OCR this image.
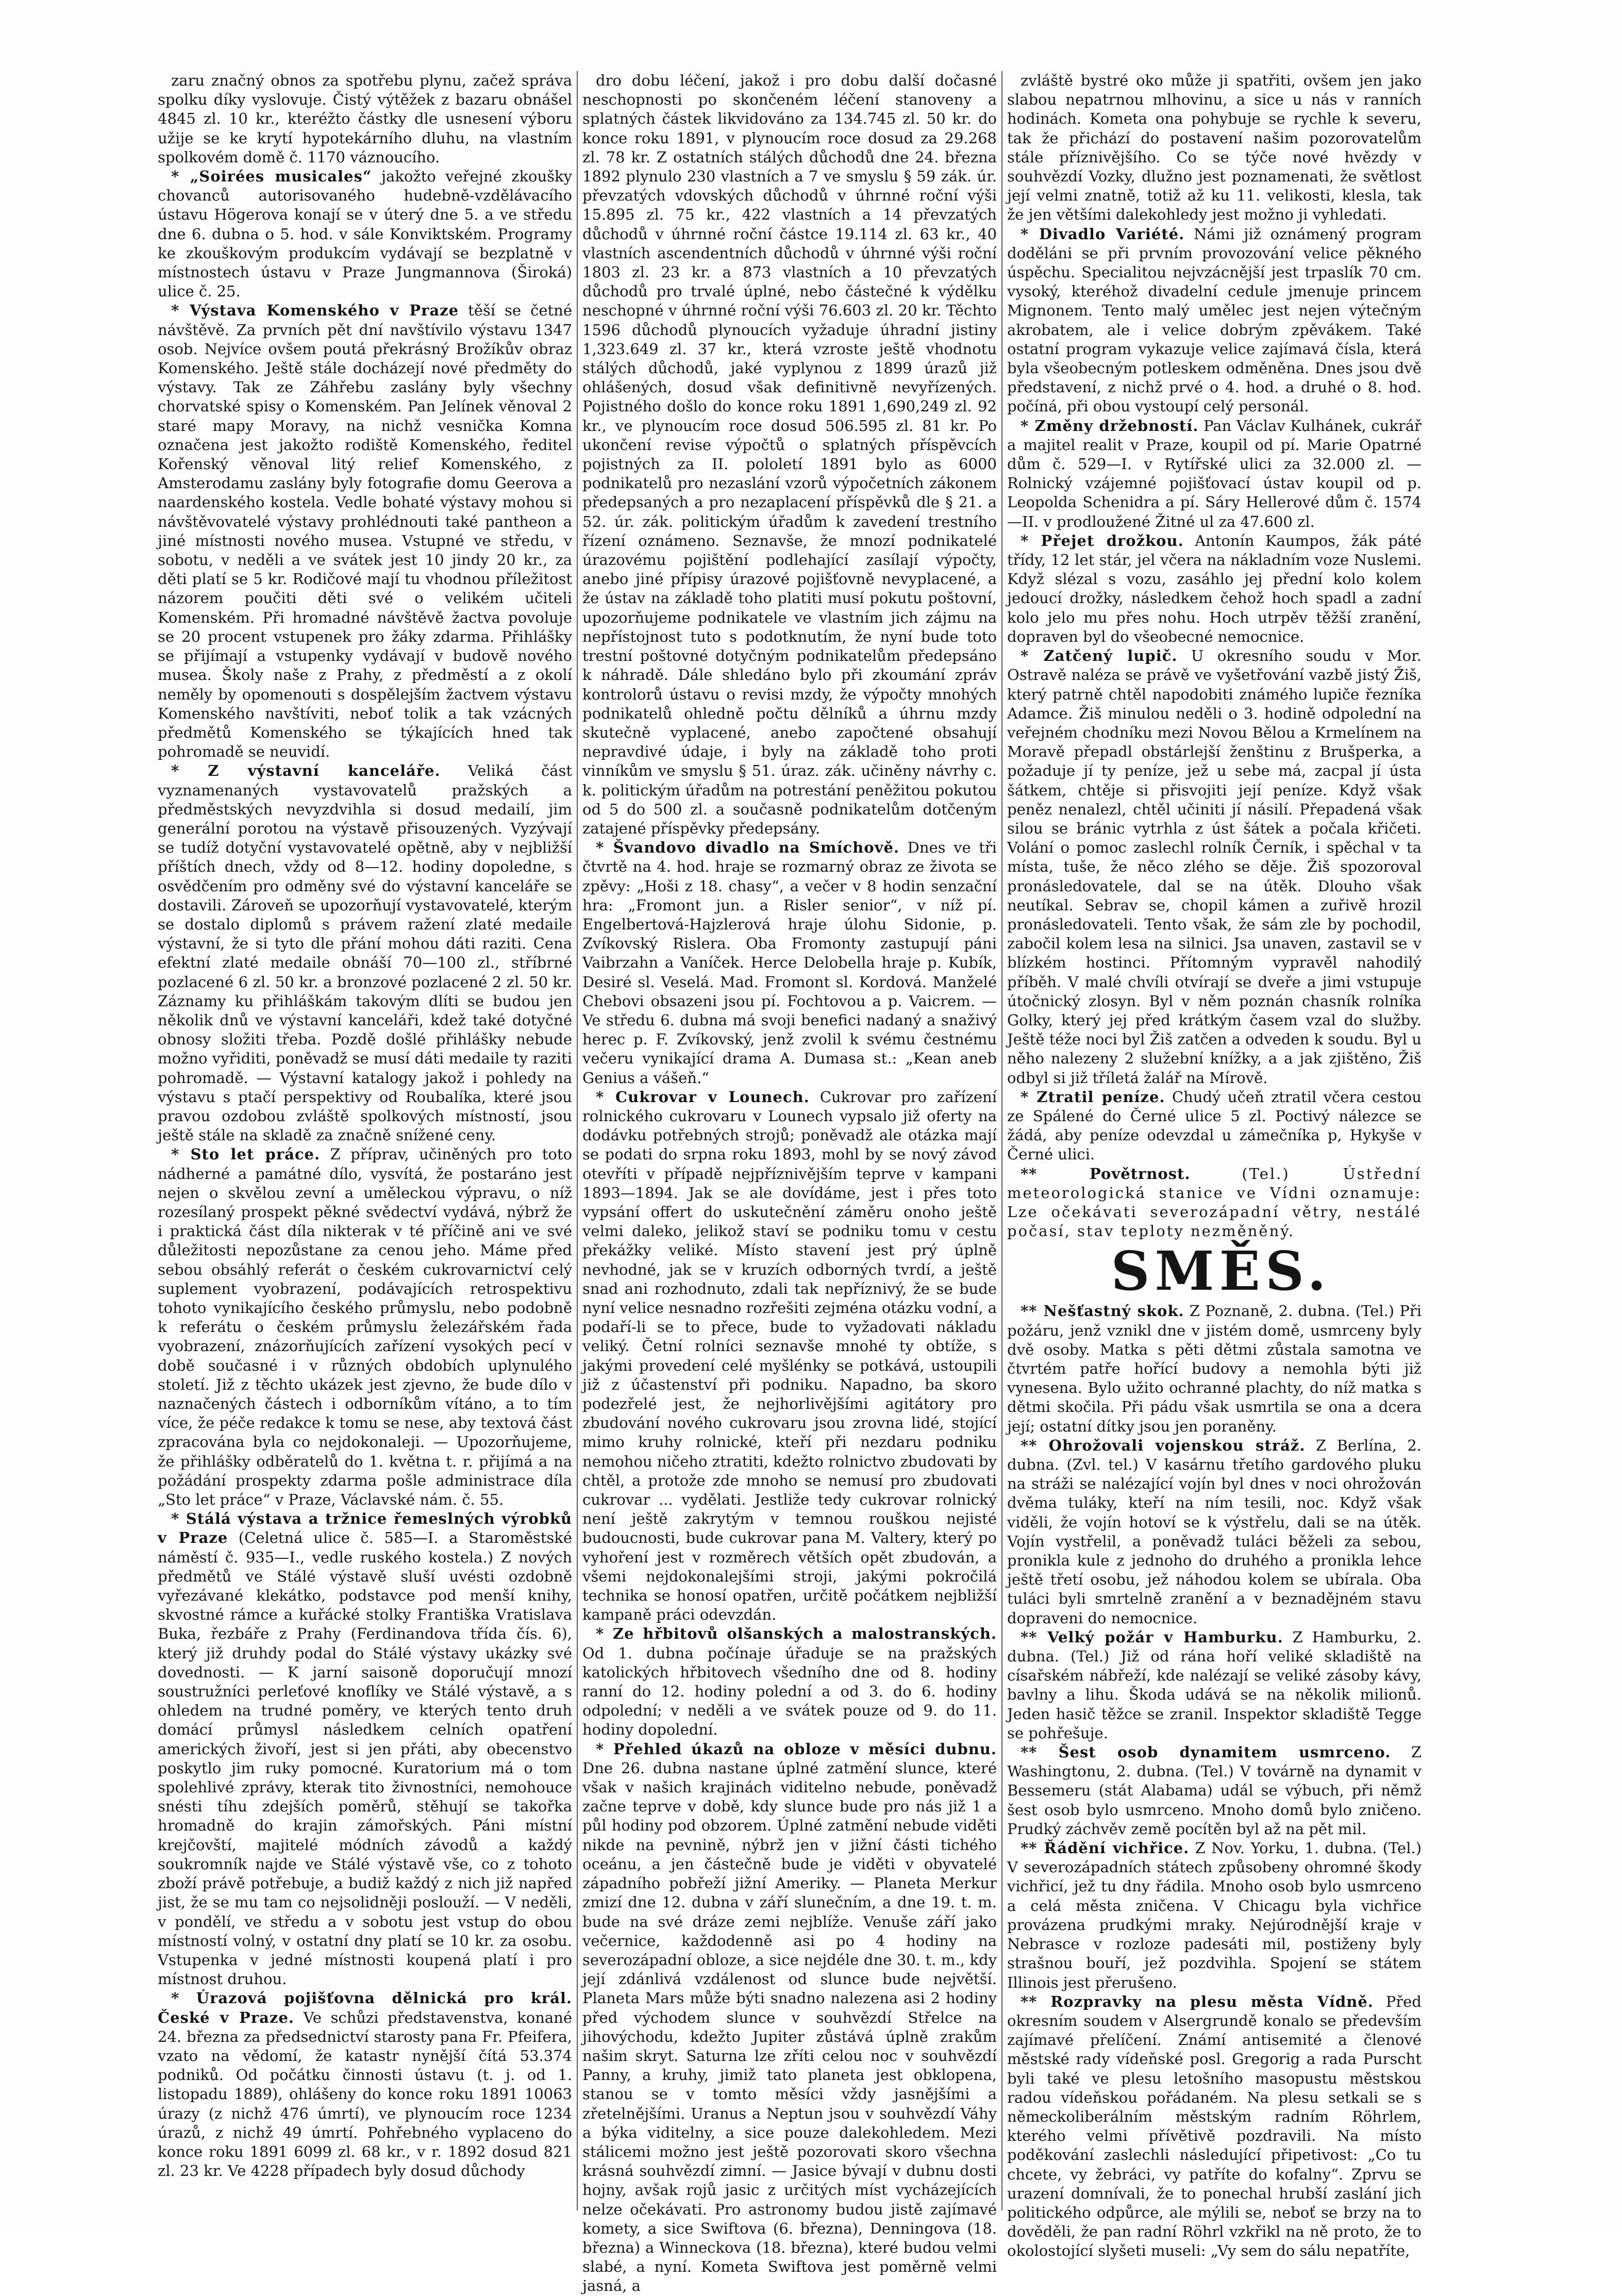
zaru značný obnos za spotřebu plynu, začež správa spolku díky vyslovuje. Čistý výtěžek z bazaru obnášel 4845 zl. 10 kr., kteréžto částky dle usnesení výboru užije se ke krytí hypotekárního dluhu, na vlastním spolkovém domě č. 1170 váznoucího.

* „Soirées musicales“ jakožto veřejné zkoušky chovanců autorisovaného hudebně-vzdělávacího ústavu Högerova konají se v úterý dne 5. a ve středu dne 6. dubna o 5. hod. v sále Konviktském. Programy ke zkouškovým produkcím vydávají se bezplatně v místnostech ústavu v Praze Jungmannova (Široká) ulice č. 25.

* Výstava Komenského v Praze těší se četné návštěvě. Za prvních pět dní navštívilo výstavu 1347 osob. Nejvíce ovšem poutá překrásný Brožíkův obraz Komenského. Ještě stále docházejí nové předměty do výstavy. Tak ze Záhřebu zaslány byly všechny chorvatské spisy o Komenském. Pan Jelínek věnoval 2 staré mapy Moravy, na nichž vesnička Komna označena jest jakožto rodiště Komenského, ředitel Kořenský věnoval litý relief Komenského, z Amsterodamu zaslány byly fotografie domu Geerova a naardenského kostela. Vedle bohaté výstavy mohou si návštěvovatelé výstavy prohlédnouti také pantheon a jiné místnosti nového musea. Vstupné ve středu, v sobotu, v neděli a ve svátek jest 10 jindy 20 kr., za děti platí se 5 kr. Rodičové mají tu vhodnou příležitost názorem poučiti děti své o velikém učiteli Komenském. Při hromadné návštěvě žactva povoluje se 20 procent vstupenek pro žáky zdarma. Přihlášky se přijímají a vstupenky vydávají v budově nového musea. Školy naše z Prahy, z předměstí a z okolí neměly by opomenouti s dospělejším žactvem výstavu Komenského navštíviti, neboť tolik a tak vzácných předmětů Komenského se týkajících hned tak pohromadě se neuvidí.

* Z výstavní kanceláře. Veliká část vyznamenaných vystavovatelů pražských a předměstských nevyzdvihla si dosud medailí, jim generální porotou na výstavě přisouzených. Vyzývají se tudíž dotyční vystavovatelé opětně, aby v nejbližší příštích dnech, vždy od 8—12. hodiny dopoledne, s osvědčením pro odměny své do výstavní kanceláře se dostavili. Zároveň se upozorňují vystavovatelé, kterým se dostalo diplomů s právem ražení zlaté medaile výstavní, že si tyto dle přání mohou dáti raziti. Cena efektní zlaté medaile obnáší 70—100 zl., stříbrné pozlacené 6 zl. 50 kr. a bronzové pozlacené 2 zl. 50 kr. Záznamy ku přihláškám takovým dlíti se budou jen několik dnů ve výstavní kanceláři, kdež také dotyčné obnosy složiti třeba. Pozdě došlé přihlášky nebude možno vyřiditi, poněvadž se musí dáti medaile ty raziti pohromadě. — Výstavní katalogy jakož i pohledy na výstavu s ptačí perspektivy od Roubalíka, které jsou pravou ozdobou zvláště spolkových místností, jsou ještě stále na skladě za značně snížené ceny.

* Sto let práce. Z příprav, učiněných pro toto nádherné a památné dílo, vysvítá, že postaráno jest nejen o skvělou zevní a uměleckou výpravu, o níž rozesílaný prospekt pěkné svědectví vydává, nýbrž že i praktická část díla nikterak v té příčině ani ve své důležitosti nepozůstane za cenou jeho. Máme před sebou obsáhlý referát o českém cukrovarnictví celý suplement vyobrazení, podávajících retrospektivu tohoto vynikajícího českého průmyslu, nebo podobně k referátu o českém průmyslu železářském řada vyobrazení, znázorňujících zařízení vysokých pecí v době současné i v různých obdobích uplynulého století. Již z těchto ukázek jest zjevno, že bude dílo v naznačených částech i odborníkům vítáno, a to tím více, že péče redakce k tomu se nese, aby textová část zpracována byla co nejdokonaleji. — Upozorňujeme, že přihlášky odběratelů do 1. května t. r. přijímá a na požádání prospekty zdarma pošle administrace díla „Sto let práce“ v Praze, Václavské nám. č. 55.

* Stálá výstava a tržnice řemeslných výrobků v Praze (Celetná ulice č. 585—I. a Staroměstské náměstí č. 935—I., vedle ruského kostela.) Z nových předmětů ve Stálé výstavě sluší uvésti ozdobně vyřezávané klekátko, podstavce pod menší knihy, skvostné rámce a kuřácké stolky Františka Vratislava Buka, řezbáře z Prahy (Ferdinandova třída čís. 6), který již druhdy podal do Stálé výstavy ukázky své dovednosti. — K jarní saisoně doporučují mnozí soustružníci perleťové knoflíky ve Stálé výstavě, a s ohledem na trudné poměry, ve kterých tento druh domácí průmysl následkem celních opatření amerických živoří, jest si jen přáti, aby obecenstvo poskytlo jim ruky pomocné. Kuratorium má o tom spolehlivé zprávy, kterak tito živnostníci, nemohouce snésti tíhu zdejších poměrů, stěhují se takořka hromadně do krajin zámořských. Páni místní krejčovští, majitelé módních závodů a každý soukromník najde ve Stálé výstavě vše, co z tohoto zboží právě potřebuje, a budiž každý z nich již napřed jist, že se mu tam co nejsolidněji poslouží. — V neděli, v pondělí, ve středu a v sobotu jest vstup do obou místností volný, v ostatní dny platí se 10 kr. za osobu. Vstupenka v jedné místnosti koupená platí i pro místnost druhou.

* Úrazová pojišťovna dělnická pro král. České v Praze. Ve schůzi představenstva, konané 24. března za předsednictví starosty pana Fr. Pfeifera, vzato na vědomí, že katastr nynější čítá 53.374 podniků. Od počátku činnosti ústavu (t. j. od 1. listopadu 1889), ohlášeny do konce roku 1891 10063 úrazy (z nichž 476 úmrtí), ve plynoucím roce 1234 úrazů, z nichž 49 úmrtí. Pohřebného vyplaceno do konce roku 1891 6099 zl. 68 kr., v r. 1892 dosud 821 zl. 23 kr. Ve 4228 případech byly dosud důchody

dro dobu léčení, jakož i pro dobu další dočasné neschopnosti po skončeném léčení stanoveny a splatných částek likvidováno za 134.745 zl. 50 kr. do konce roku 1891, v plynoucím roce dosud za 29.268 zl. 78 kr. Z ostatních stálých důchodů dne 24. března 1892 plynulo 230 vlastních a 7 ve smyslu § 59 zák. úr. převzatých vdovských důchodů v úhrnné roční výši 15.895 zl. 75 kr., 422 vlastních a 14 převzatých důchodů v úhrnné roční částce 19.114 zl. 63 kr., 40 vlastních ascendentních důchodů v úhrnné výši roční 1803 zl. 23 kr. a 873 vlastních a 10 převzatých důchodů pro trvalé úplné, nebo částečné k výdělku neschopné v úhrnné roční výši 76.603 zl. 20 kr. Těchto 1596 důchodů plynoucích vyžaduje úhradní jistiny 1,323.649 zl. 37 kr., která vzroste ještě vhodnotu stálých důchodů, jaké vyplynou z 1899 úrazů již ohlášených, dosud však definitivně nevyřízených. Pojistného došlo do konce roku 1891 1,690,249 zl. 92 kr., ve plynoucím roce dosud 506.595 zl. 81 kr. Po ukončení revise výpočtů o splatných příspěvcích pojistných za II. pololetí 1891 bylo as 6000 podnikatelů pro nezaslání vzorů výpočetních zákonem předepsaných a pro nezaplacení příspěvků dle § 21. a 52. úr. zák. politickým úřadům k zavedení trestního řízení oznámeno. Seznavše, že mnozí podnikatelé úrazovému pojištění podlehající zasílají výpočty, anebo jiné přípisy úrazové pojišťovně nevyplacené, a že ústav na základě toho platiti musí pokutu poštovní, upozorňujeme podnikatele ve vlastním jich zájmu na nepřístojnost tuto s podotknutím, že nyní bude toto trestní poštovné dotyčným podnikatelům předepsáno k náhradě. Dále shledáno bylo při zkoumání zpráv kontrolorů ústavu o revisi mzdy, že výpočty mnohých podnikatelů ohledně počtu dělníků a úhrnu mzdy skutečně vyplacené, anebo započtené obsahují nepravdivé údaje, i byly na základě toho proti vinníkům ve smyslu § 51. úraz. zák. učiněny návrhy c. k. politickým úřadům na potrestání peněžitou pokutou od 5 do 500 zl. a současně podnikatelům dotčeným zatajené příspěvky předepsány.

* Švandovo divadlo na Smíchově. Dnes ve tři čtvrtě na 4. hod. hraje se rozmarný obraz ze života se zpěvy: „Hoši z 18. chasy“, a večer v 8 hodin senzační hra: „Fromont jun. a Risler senior“, v níž pí. Engelbertová-Hajzlerová hraje úlohu Sidonie, p. Zvíkovský Rislera. Oba Fromonty zastupují páni Vaibrzahn a Vaníček. Herce Delobella hraje p. Kubík, Desiré sl. Veselá. Mad. Fromont sl. Kordová. Manželé Chebovi obsazeni jsou pí. Fochtovou a p. Vaicrem. — Ve středu 6. dubna má svoji benefici nadaný a snaživý herec p. F. Zvíkovský, jenž zvolil k svému čestnému večeru vynikající drama A. Dumasa st.: „Kean aneb Genius a vášeň.“

* Cukrovar v Lounech. Cukrovar pro zařízení rolnického cukrovaru v Lounech vypsalo již oferty na dodávku potřebných strojů; poněvadž ale otázka mají se podati do srpna roku 1893, mohl by se nový závod otevříti v případě nejpříznivějším teprve v kampani 1893—1894. Jak se ale dovídáme, jest i přes toto vypsání offert do uskutečnění záměru onoho ještě velmi daleko, jelikož staví se podniku tomu v cestu překážky veliké. Místo stavení jest prý úplně nevhodné, jak se v kruzích odborných tvrdí, a ještě snad ani rozhodnuto, zdali tak nepříznivý, že se bude nyní velice nesnadno rozřešiti zejména otázku vodní, a podaří-li se to přece, bude to vyžadovati nákladu veliký. Četní rolníci seznavše mnohé ty obtíže, s jakými provedení celé myšlénky se potkává, ustoupili již z účastenství při podniku. Napadno, ba skoro podezřelé jest, že nejhorlivějšími agitátory pro zbudování nového cukrovaru jsou zrovna lidé, stojící mimo kruhy rolnické, kteří při nezdaru podniku nemohou ničeho ztratiti, kdežto rolnictvo zbudovati by chtěl, a protože zde mnoho se nemusí pro zbudovati cukrovar ... vydělati. Jestliže tedy cukrovar rolnický není ještě zakrytým v temnou rouškou nejisté budoucnosti, bude cukrovar pana M. Valtery, který po vyhoření jest v rozměrech větších opět zbudován, a všemi nejdokonalejšími stroji, jakými pokročilá technika se honosí opatřen, určitě počátkem nejbližší kampaně práci odevzdán.

* Ze hřbitovů olšanských a malostranských. Od 1. dubna počínaje úřaduje se na pražských katolických hřbitovech všedního dne od 8. hodiny ranní do 12. hodiny polední a od 3. do 6. hodiny odpolední; v neděli a ve svátek pouze od 9. do 11. hodiny dopolední.

* Přehled úkazů na obloze v měsíci dubnu. Dne 26. dubna nastane úplné zatmění slunce, které však v našich krajinách viditelno nebude, poněvadž začne teprve v době, kdy slunce bude pro nás již 1 a půl hodiny pod obzorem. Úplné zatmění nebude viděti nikde na pevnině, nýbrž jen v jižní části tichého oceánu, a jen částečně bude je viděti v obyvatelé západního pobřeží jižní Ameriky. — Planeta Merkur zmizí dne 12. dubna v září slunečním, a dne 19. t. m. bude na své dráze zemi nejblíže. Venuše září jako večernice, každodenně asi po 4 hodiny na severozápadní obloze, a sice nejdéle dne 30. t. m., kdy její zdánlivá vzdálenost od slunce bude největší. Planeta Mars může býti snadno nalezena asi 2 hodiny před východem slunce v souhvězdí Střelce na jihovýchodu, kdežto Jupiter zůstává úplně zrakům našim skryt. Saturna lze zříti celou noc v souhvězdí Panny, a kruhy, jimiž tato planeta jest obklopena, stanou se v tomto měsíci vždy jasnějšími a zřetelnějšími. Uranus a Neptun jsou v souhvězdí Váhy a býka viditelny, a sice pouze dalekohledem. Mezi stálicemi možno jest ještě pozorovati skoro všechna krásná souhvězdí zimní. — Jasice bývají v dubnu dosti hojny, avšak rojů jasic z určitých míst vycházejících nelze očekávati. Pro astronomy budou jistě zajímavé komety, a sice Swiftova (6. března), Denningova (18. března) a Winneckova (18. března), které budou velmi slabé, a nyní. Kometa Swiftova jest poměrně velmi jasná, a

zvláště bystré oko může ji spatřiti, ovšem jen jako slabou nepatrnou mlhovinu, a sice u nás v ranních hodinách. Kometa ona pohybuje se rychle k severu, tak že přichází do postavení našim pozorovatelům stále příznivějšího. Co se týče nové hvězdy v souhvězdí Vozky, dlužno jest poznamenati, že světlost její velmi znatně, totiž až ku 11. velikosti, klesla, tak že jen většími dalekohledy jest možno ji vyhledati.

* Divadlo Variété. Námi již oznámený program doděláni se při prvním provozování velice pěkného úspěchu. Specialitou nejvzácnější jest trpaslík 70 cm. vysoký, kteréhož divadelní cedule jmenuje princem Mignonem. Tento malý umělec jest nejen výtečným akrobatem, ale i velice dobrým zpěvákem. Také ostatní program vykazuje velice zajímavá čísla, která byla všeobecným potleskem odměněna. Dnes jsou dvě představení, z nichž prvé o 4. hod. a druhé o 8. hod. počíná, při obou vystoupí celý personál.

* Změny držebností. Pan Václav Kulhánek, cukrář a majitel realit v Praze, koupil od pí. Marie Opatrné dům č. 529—I. v Rytířské ulici za 32.000 zl. — Rolnický vzájemné pojišťovací ústav koupil od p. Leopolda Schenidra a pí. Sáry Hellerové dům č. 1574—II. v prodloužené Žitné ul za 47.600 zl.

* Přejet drožkou. Antonín Kaumpos, žák páté třídy, 12 let stár, jel včera na nákladním voze Nuslemi. Když slézal s vozu, zasáhlo jej přední kolo kolem jedoucí drožky, následkem čehož hoch spadl a zadní kolo jelo mu přes nohu. Hoch utrpěv těžší zranění, dopraven byl do všeobecné nemocnice.

* Zatčený lupič. U okresního soudu v Mor. Ostravě naléza se právě ve vyšetřování vazbě jistý Žiš, který patrně chtěl napodobiti známého lupiče řezníka Adamce. Žiš minulou neděli o 3. hodině odpolední na veřejném chodníku mezi Novou Bělou a Krmelínem na Moravě přepadl obstárlejší ženštinu z Brušperka, a požaduje jí ty peníze, jež u sebe má, zacpal jí ústa šátkem, chtěje si přisvojiti její peníze. Když však peněz nenalezl, chtěl učiniti jí násilí. Přepadená však silou se bránic vytrhla z úst šátek a počala křičeti. Volání o pomoc zaslechl rolník Černík, i spěchal v ta místa, tuše, že něco zlého se děje. Žiš spozoroval pronásledovatele, dal se na útěk. Dlouho však neutíkal. Sebrav se, chopil kámen a zuřivě hrozil pronásledovateli. Tento však, že sám zle by pochodil, zabočil kolem lesa na silnici. Jsa unaven, zastavil se v blízkém hostinci. Přítomným vypravěl nahodilý příběh. V malé chvíli otvírají se dveře a jimi vstupuje útočnický zlosyn. Byl v něm poznán chasník rolníka Golky, který jej před krátkým časem vzal do služby. Ještě téže noci byl Žiš zatčen a odveden k soudu. Byl u něho nalezeny 2 služební knížky, a a jak zjištěno, Žiš odbyl si již tříletá žalář na Mírově.

* Ztratil peníze. Chudý učeň ztratil včera cestou ze Spálené do Černé ulice 5 zl. Poctivý nálezce se žádá, aby peníze odevzdal u zámečníka p, Hykyše v Černé ulici.

** Povětrnost.	(Tel.) Ústřední meteorologická stanice ve Vídni oznamuje: Lze očekávati severozápadní větry, nestálé počasí, stav teploty nezměněný.

SMĚS.

** Nešťastný skok. Z Poznaně, 2. dubna. (Tel.) Při požáru, jenž vznikl dne v jistém domě, usmrceny byly dvě osoby. Matka s pěti dětmi zůstala samotna ve čtvrtém patře hořící budovy a nemohla býti již vynesena. Bylo užito ochranné plachty, do níž matka s dětmi skočila. Při pádu však usmrtila se ona a dcera její; ostatní dítky jsou jen poraněny.

** Ohrožovali vojenskou stráž. Z Berlína, 2. dubna. (Zvl. tel.) V kasárnu třetího gardového pluku na stráži se nalézající vojín byl dnes v noci ohrožován dvěma tuláky, kteří na ním tesili, noc. Když však viděli, že vojín hotoví se k výstřelu, dali se na útěk. Vojín vystřelil, a poněvadž tuláci běželi za sebou, pronikla kule z jednoho do druhého a pronikla lehce ještě třetí osobu, jež náhodou kolem se ubírala. Oba tuláci byli smrtelně zranění a v beznadějném stavu dopraveni do nemocnice.

** Velký požár v Hamburku. Z Hamburku, 2. dubna. (Tel.) Již od rána hoří veliké skladiště na císařském nábřeží, kde nalézají se veliké zásoby kávy, bavlny a lihu. Škoda udává se na několik milionů. Jeden hasič těžce se zranil. Inspektor skladiště Tegge se pohřešuje.

** Šest osob dynamitem usmrceno. Z Washingtonu, 2. dubna. (Tel.) V továrně na dynamit v Bessemeru (stát Alabama) udál se výbuch, při němž šest osob bylo usmrceno. Mnoho domů bylo zničeno. Prudký záchvěv země pocítěn byl až na pět mil.

** Řádění vichřice. Z Nov. Yorku, 1. dubna. (Tel.) V severozápadních státech způsobeny ohromné škody vichřicí, jež tu dny řádila. Mnoho osob bylo usmrceno a celá města zničena. V Chicagu byla vichřice provázena prudkými mraky. Nejúrodnější kraje v Nebrasce v rozloze padesáti mil, postiženy byly strašnou bouří, jež pozdvihla. Spojení se státem Illinois jest přerušeno.

** Rozpravky na plesu města Vídně. Před okresním soudem v Alsergrundě konalo se především zajímavé přelíčení. Známí antisemité a členové městské rady vídeňské posl. Gregorig a rada Purscht byli také ve plesu letošního masopustu městskou radou vídeňskou pořádaném. Na plesu setkali se s německoliberálním městským radním Röhrlem, kterého velmi přívětivě pozdravili. Na místo poděkování zaslechli následující připetivost: „Co tu chcete, vy žebráci, vy patříte do kofalny“. Zprvu se urazení domnívali, že to ponechal hrubší zaslání jich politického odpůrce, ale mýlili se, neboť se brzy na to dověděli, že pan radní Röhrl vzkřikl na ně proto, že to okolostojící slyšeti museli: „Vy sem do sálu nepatříte,
